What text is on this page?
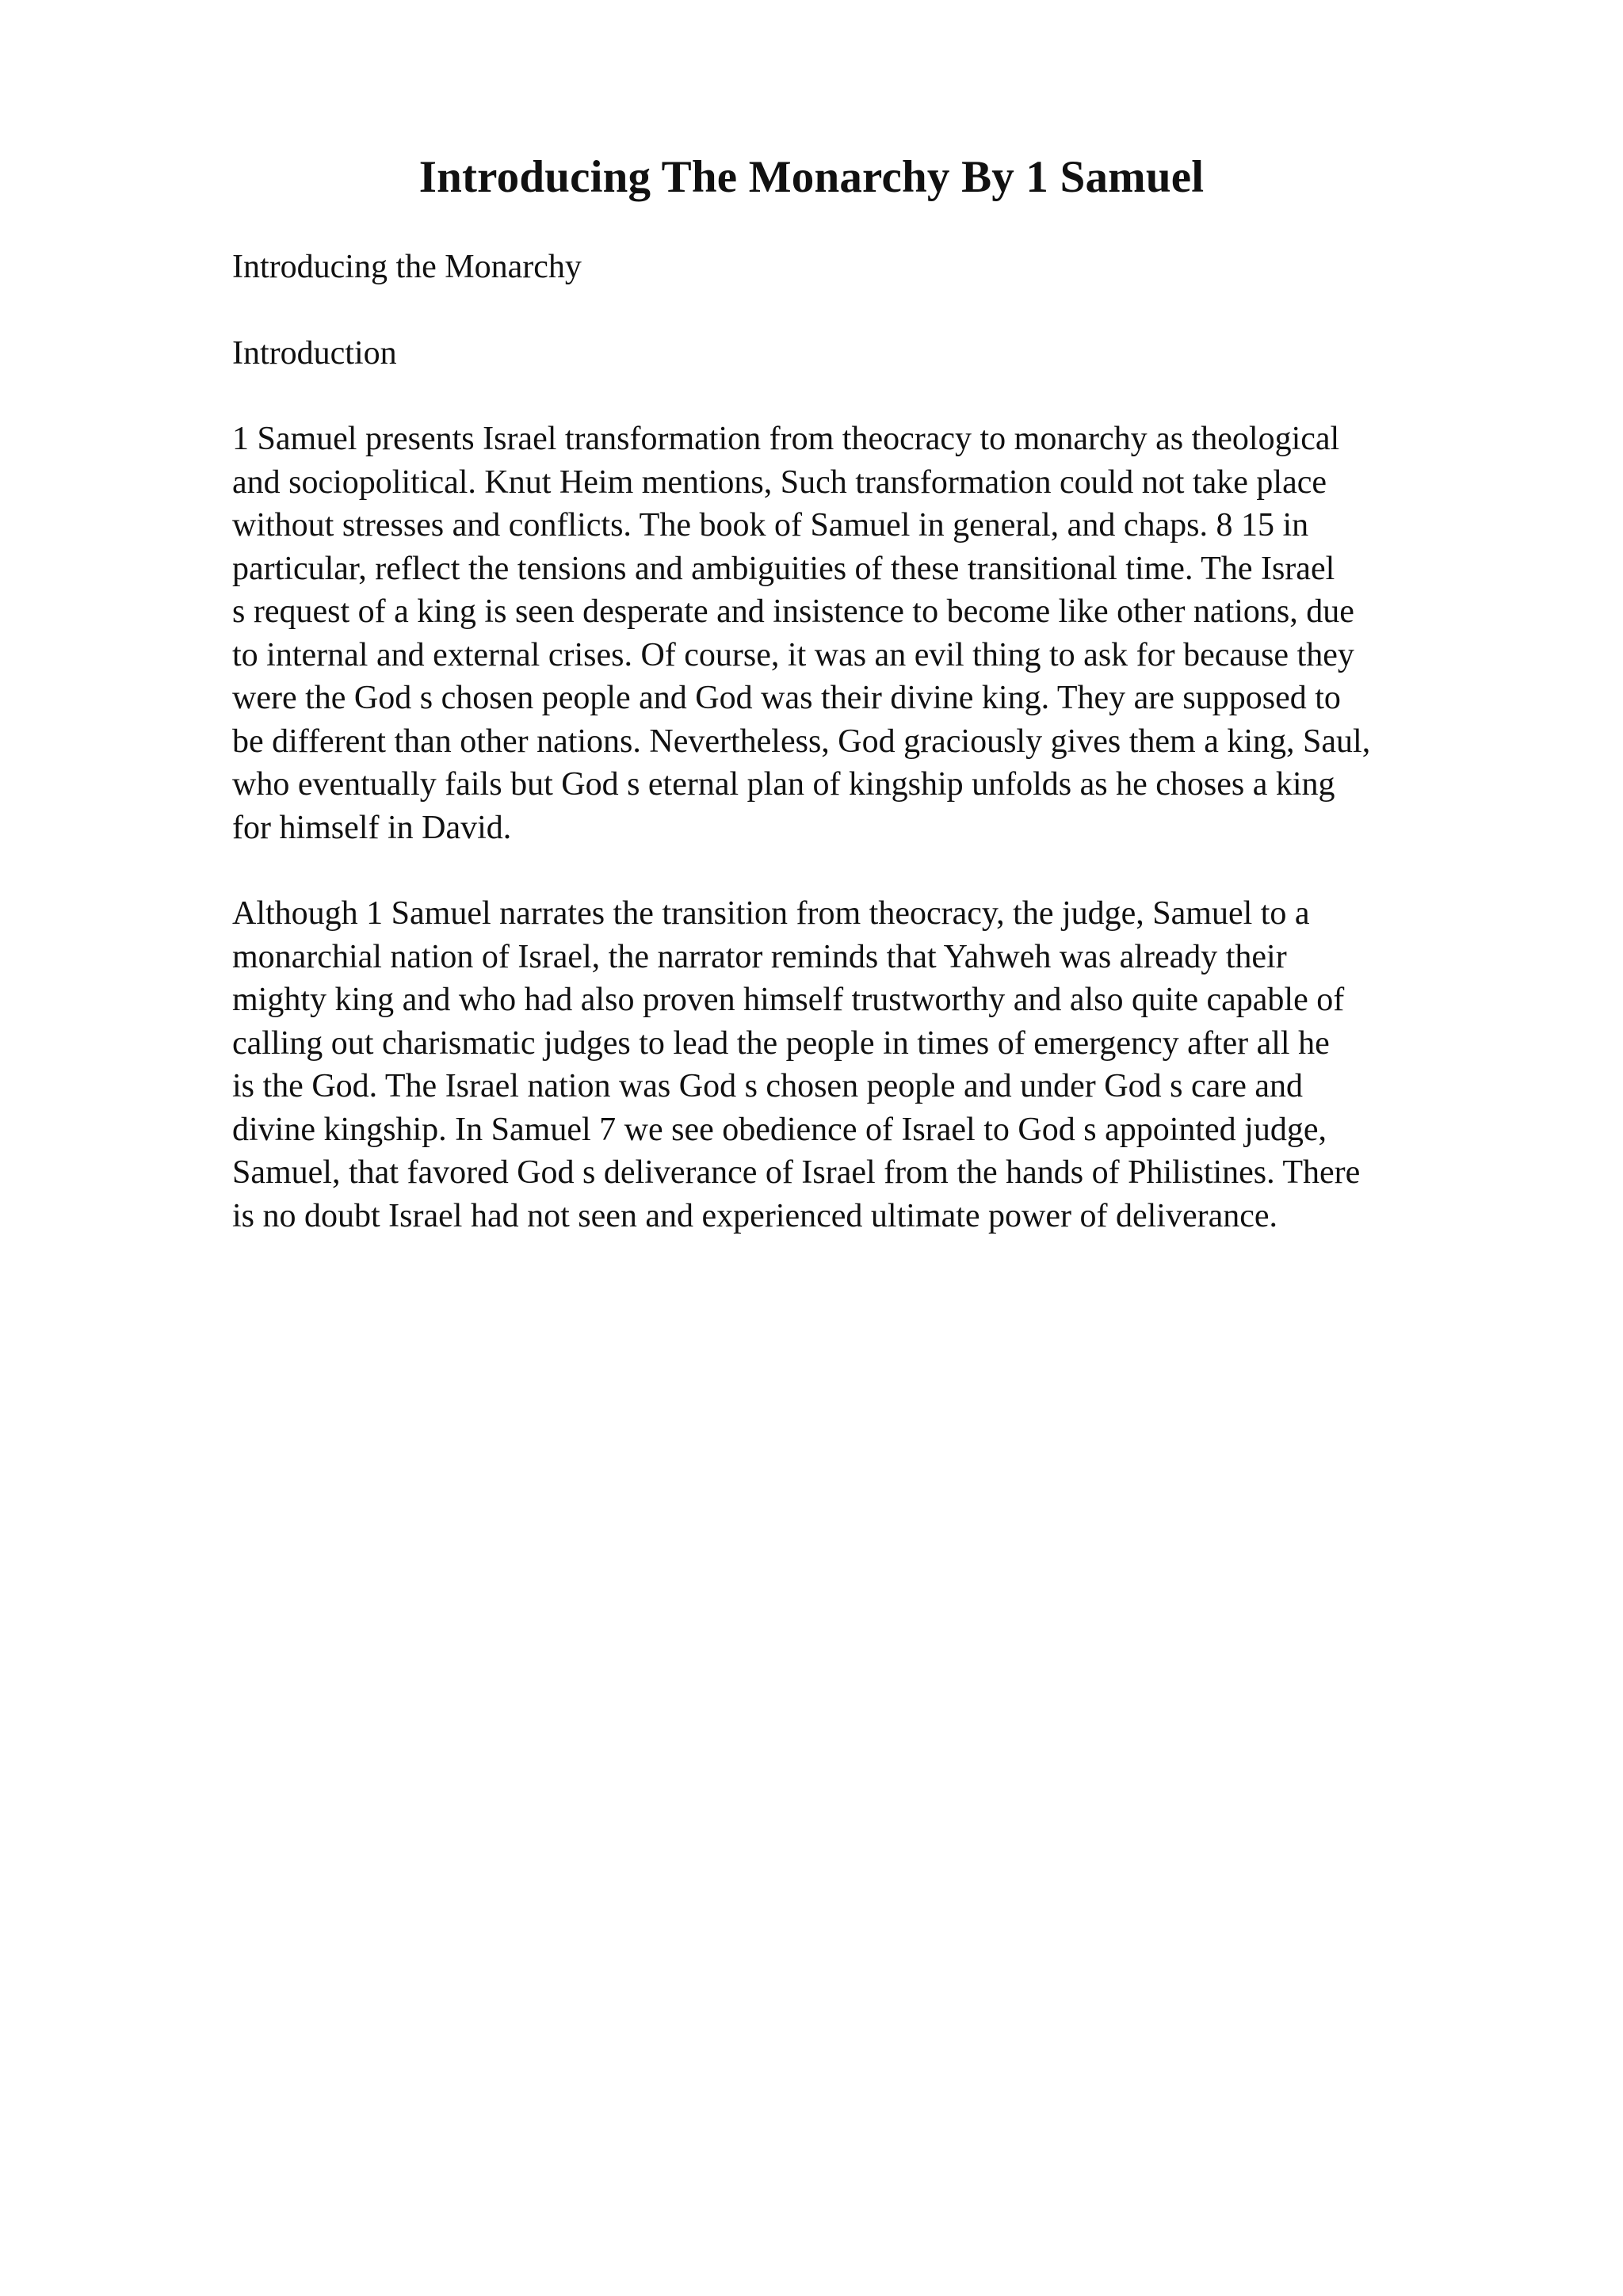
Introducing The Monarchy By 1 Samuel

Introducing the Monarchy

Introduction

1 Samuel presents Israel transformation from theocracy to monarchy as theological
and sociopolitical. Knut Heim mentions, Such transformation could not take place
without stresses and conflicts. The book of Samuel in general, and chaps. 8 15 in
particular, reflect the tensions and ambiguities of these transitional time. The Israel
s request of a king is seen desperate and insistence to become like other nations, due
to internal and external crises. Of course, it was an evil thing to ask for because they
were the God s chosen people and God was their divine king. They are supposed to
be different than other nations. Nevertheless, God graciously gives them a king, Saul,
who eventually fails but God s eternal plan of kingship unfolds as he choses a king
for himself in David.

Although 1 Samuel narrates the transition from theocracy, the judge, Samuel to a
monarchial nation of Israel, the narrator reminds that Yahweh was already their
mighty king and who had also proven himself trustworthy and also quite capable of
calling out charismatic judges to lead the people in times of emergency after all he
is the God. The Israel nation was God s chosen people and under God s care and
divine kingship. In Samuel 7 we see obedience of Israel to God s appointed judge,
Samuel, that favored God s deliverance of Israel from the hands of Philistines. There
is no doubt Israel had not seen and experienced ultimate power of deliverance.
